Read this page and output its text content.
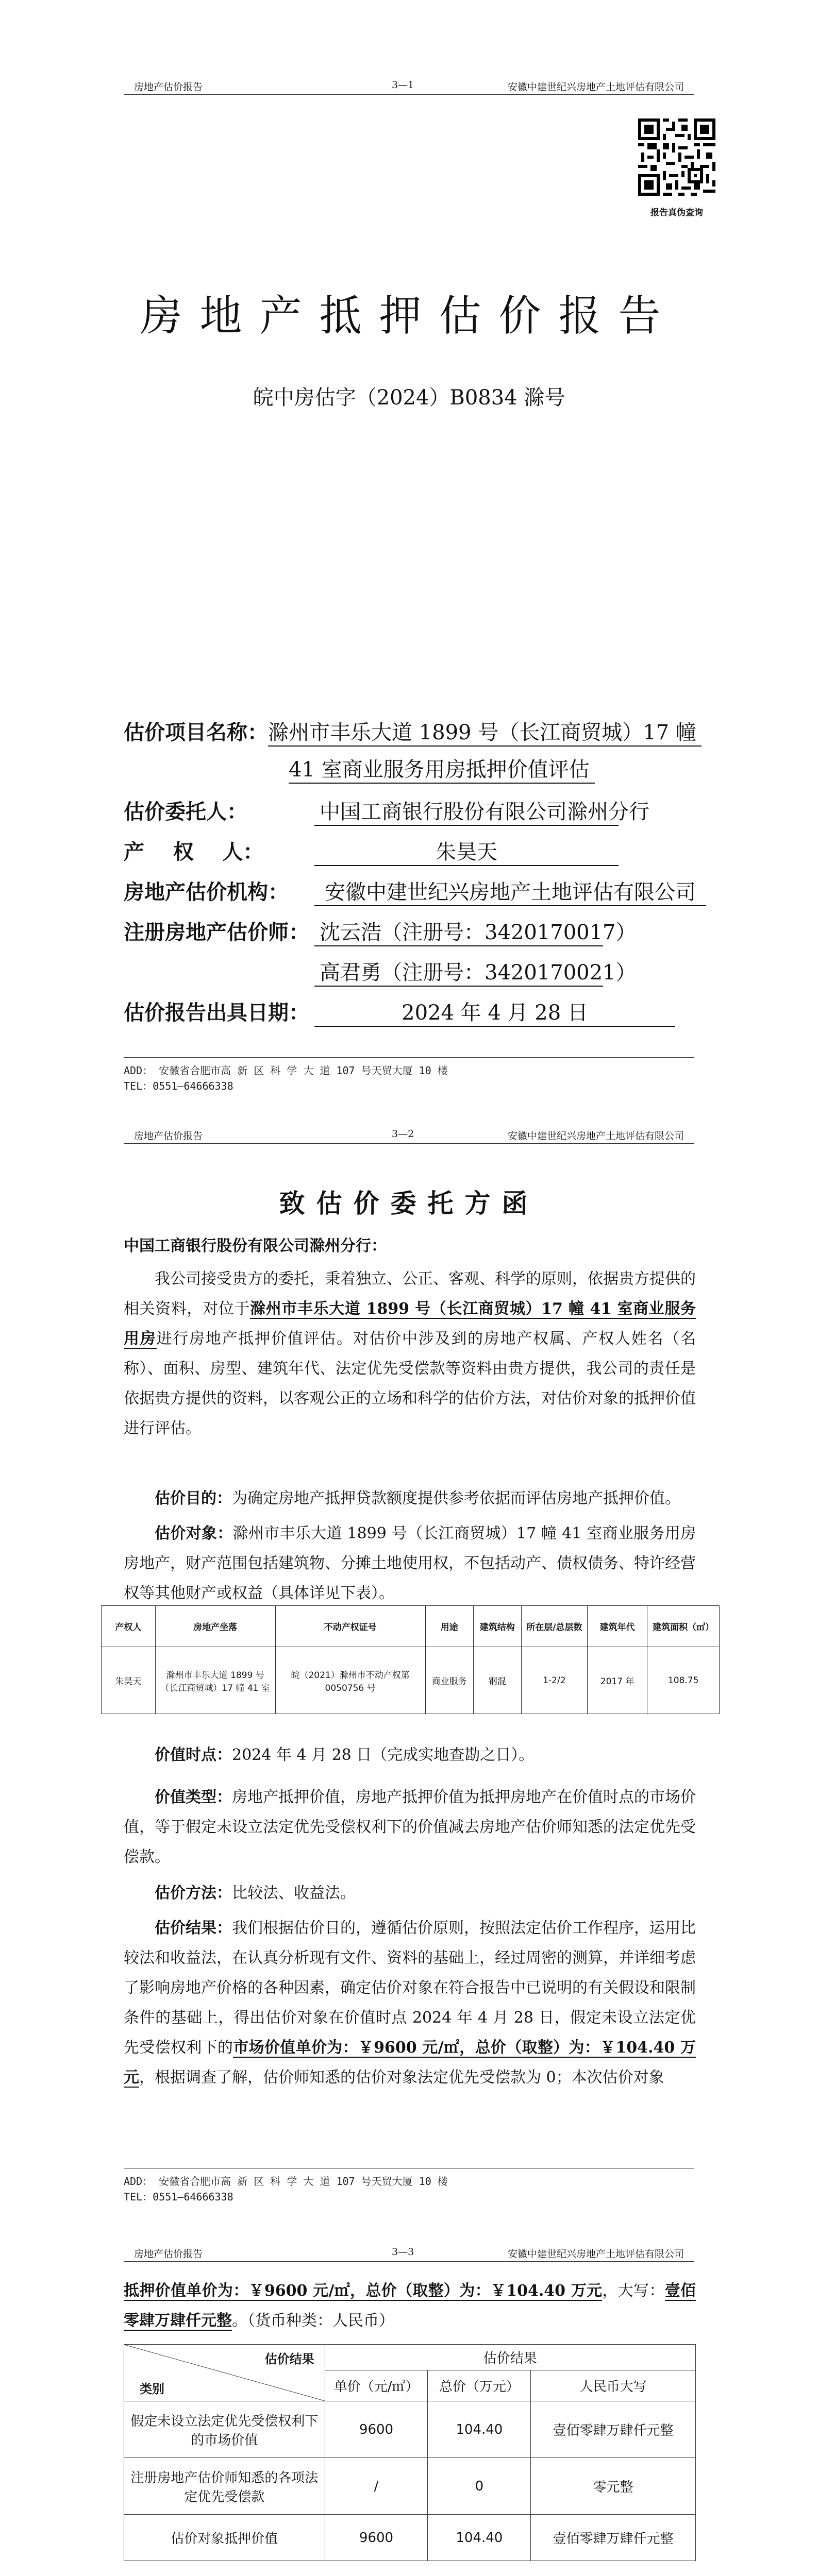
房地产估价报告	3—1	安徽中建世纪兴房地产土地评估有限公司
报告真伪查询
房地产抵押估价报告
皖中房估字（2024）B0834 滁号
估价项目名称：滁州市丰乐大道 1899 号（长江商贸城）17 幢
41 室商业服务用房抵押价值评估
估价委托人：	中国工商银行股份有限公司滁州分行
产    权    人：	朱昊天
房地产估价机构： 安徽中建世纪兴房地产土地评估有限公司
注册房地产估价师： 沈云浩（注册号：3420170017）
高君勇（注册号：3420170021）
估价报告出具日期：	2024 年 4 月 28 日
ADD： 安徽省合肥市高 新 区 科 学 大 道 107 号天贸大厦 10 楼
TEL：0551—64666338
房地产估价报告	3—2	安徽中建世纪兴房地产土地评估有限公司
致估价委托方函
中国工商银行股份有限公司滁州分行：
我公司接受贵方的委托，秉着独立、公正、客观、科学的原则，依据贵方提供的相关资料，对位于滁州市丰乐大道 1899 号（长江商贸城）17 幢 41 室商业服务用房进行房地产抵押价值评估。对估价中涉及到的房地产权属、产权人姓名（名称）、面积、房型、建筑年代、法定优先受偿款等资料由贵方提供，我公司的责任是依据贵方提供的资料，以客观公正的立场和科学的估价方法，对估价对象的抵押价值进行评估。
估价目的：为确定房地产抵押贷款额度提供参考依据而评估房地产抵押价值。
估价对象：滁州市丰乐大道 1899 号（长江商贸城）17 幢 41 室商业服务用房房地产，财产范围包括建筑物、分摊土地使用权，不包括动产、债权债务、特许经营权等其他财产或权益（具体详见下表）。
产权人	房地产坐落	不动产权证号	用途	建筑结构	所在层/总层数	建筑年代	建筑面积（㎡）
朱昊天	滁州市丰乐大道 1899 号（长江商贸城）17 幢 41 室	皖（2021）滁州市不动产权第 0050756 号	商业服务	钢混	1-2/2	2017 年	108.75
价值时点：2024 年 4 月 28 日（完成实地查勘之日）。
价值类型：房地产抵押价值，房地产抵押价值为抵押房地产在价值时点的市场价值，等于假定未设立法定优先受偿权利下的价值减去房地产估价师知悉的法定优先受偿款。
估价方法：比较法、收益法。
估价结果：我们根据估价目的，遵循估价原则，按照法定估价工作程序，运用比较法和收益法，在认真分析现有文件、资料的基础上，经过周密的测算，并详细考虑了影响房地产价格的各种因素，确定估价对象在符合报告中已说明的有关假设和限制条件的基础上，得出估价对象在价值时点 2024 年 4 月 28 日，假定未设立法定优先受偿权利下的市场价值单价为：￥9600 元/㎡，总价（取整）为：￥104.40 万元，根据调查了解，估价师知悉的估价对象法定优先受偿款为 0；本次估价对象
ADD： 安徽省合肥市高 新 区 科 学 大 道 107 号天贸大厦 10 楼
TEL：0551—64666338
房地产估价报告	3—3	安徽中建世纪兴房地产土地评估有限公司
抵押价值单价为：￥9600 元/㎡，总价（取整）为：￥104.40 万元，大写：壹佰零肆万肆仟元整。（货币种类：人民币）
估价结果
类别	估价结果		
	单价（元/㎡）	总价（万元）	人民币大写
假定未设立法定优先受偿权利下的市场价值	9600	104.40	壹佰零肆万肆仟元整
注册房地产估价师知悉的各项法定优先受偿款	/	0	零元整
估价对象抵押价值	9600	104.40	壹佰零肆万肆仟元整
